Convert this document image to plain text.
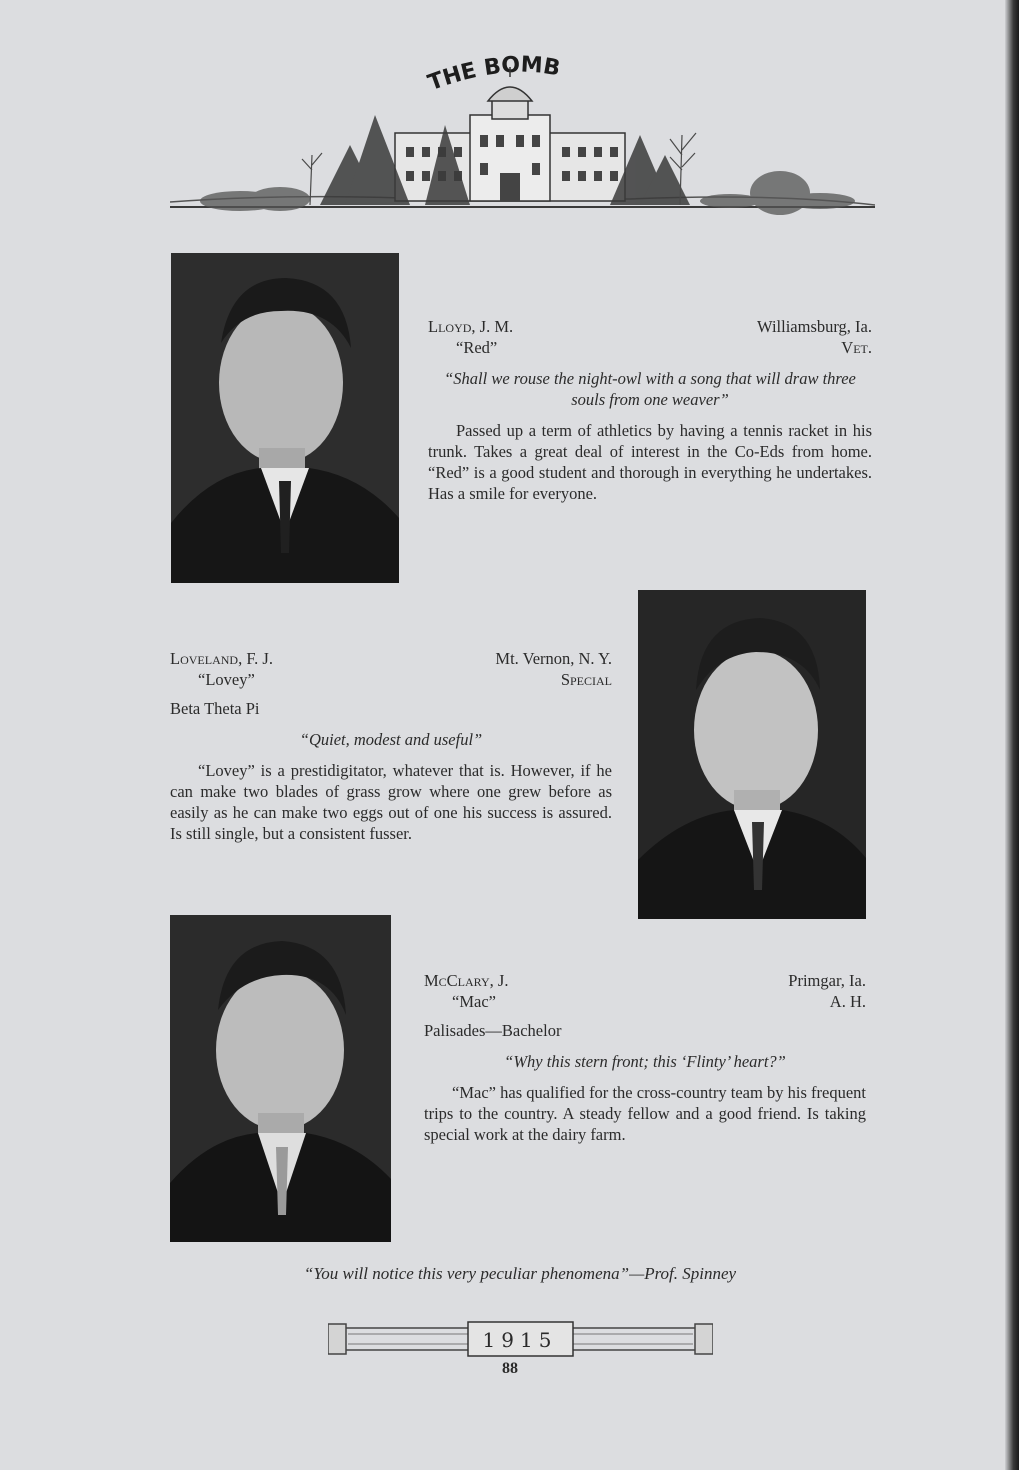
THE BOMB
Lloyd, J. M.	Williamsburg, Ia.
“Red”	Vet.
“Shall we rouse the night-owl with a song that will draw three souls from one weaver”
Passed up a term of athletics by having a tennis racket in his trunk. Takes a great deal of interest in the Co-Eds from home. “Red” is a good student and thorough in everything he undertakes. Has a smile for everyone.
Loveland, F. J.	Mt. Vernon, N. Y.
“Lovey”	Special
Beta Theta Pi
“Quiet, modest and useful”
“Lovey” is a prestidigitator, whatever that is. However, if he can make two blades of grass grow where one grew before as easily as he can make two eggs out of one his success is assured. Is still single, but a consistent fusser.
McClary, J.	Primgar, Ia.
“Mac”	A. H.
Palisades—Bachelor
“Why this stern front; this ‘Flinty’ heart?”
“Mac” has qualified for the cross-country team by his frequent trips to the country. A steady fellow and a good friend. Is taking special work at the dairy farm.
“You will notice this very peculiar phenomena”—Prof. Spinney
1915
88
